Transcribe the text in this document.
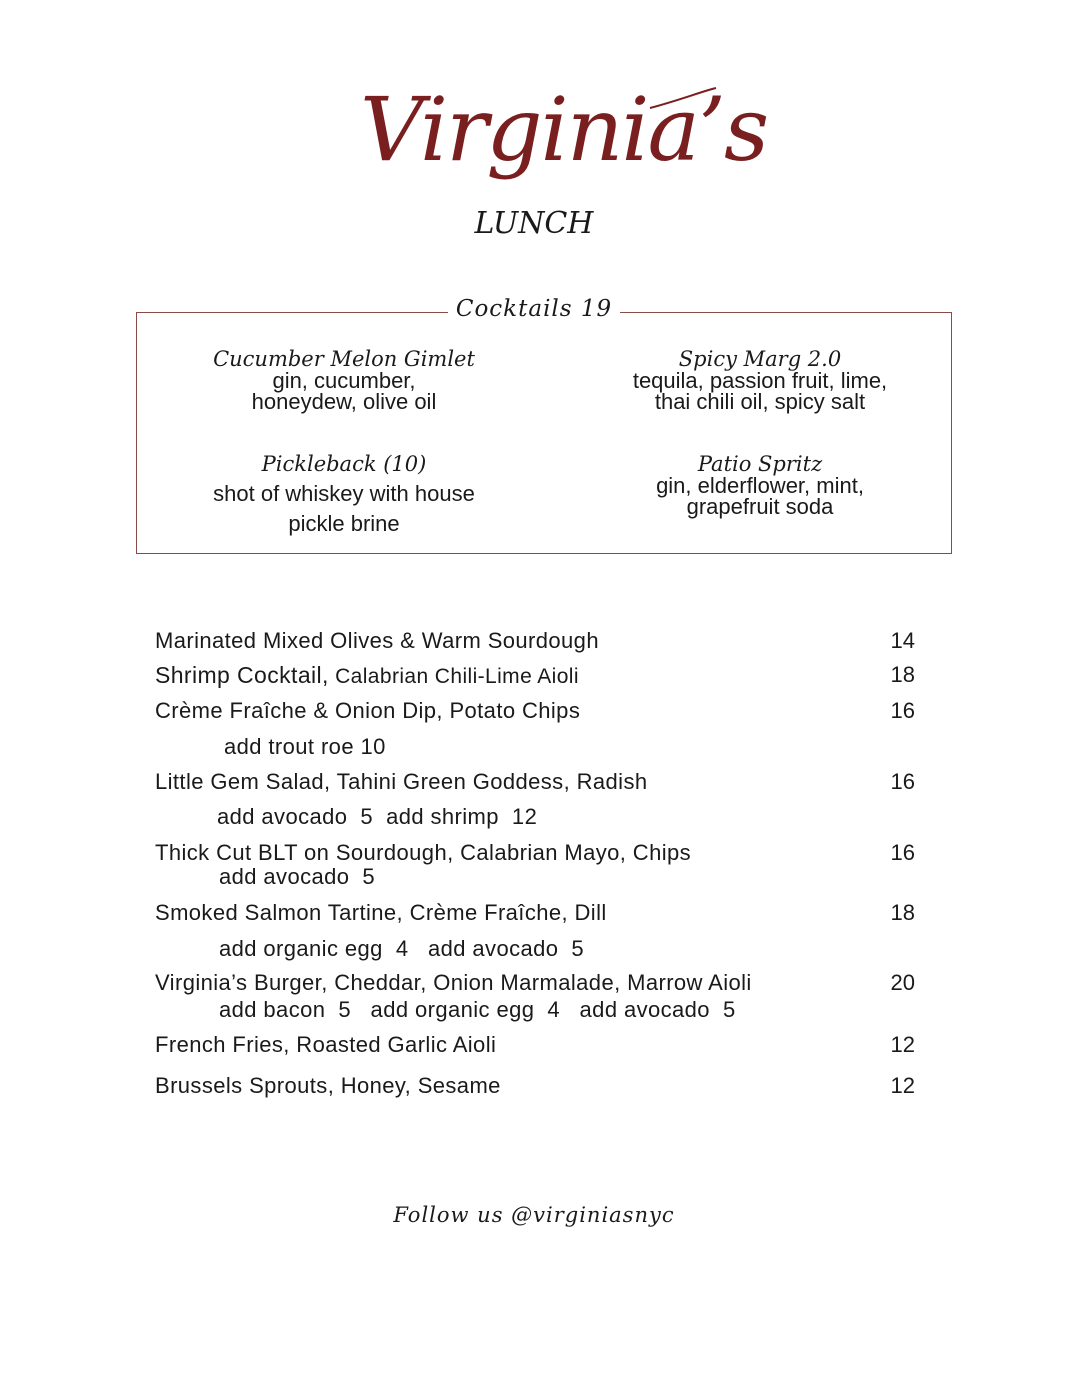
Virginia’s
LUNCH
Cocktails 19
Cucumber Melon Gimlet
gin, cucumber,
honeydew, olive oil
Spicy Marg 2.0
tequila, passion fruit, lime,
thai chili oil, spicy salt
Pickleback (10)
shot of whiskey with house
pickle brine
Patio Spritz
gin, elderflower, mint,
grapefruit soda
Marinated Mixed Olives & Warm Sourdough	14
Shrimp Cocktail, Calabrian Chili-Lime Aioli	18
Crème Fraîche & Onion Dip, Potato Chips	16
add trout roe 10
Little Gem Salad, Tahini Green Goddess, Radish	16
add avocado  5  add shrimp  12
Thick Cut BLT on Sourdough, Calabrian Mayo, Chips	16
add avocado  5
Smoked Salmon Tartine, Crème Fraîche, Dill	18
add organic egg  4   add avocado  5
Virginia’s Burger, Cheddar, Onion Marmalade, Marrow Aioli	20
add bacon  5   add organic egg  4   add avocado  5
French Fries, Roasted Garlic Aioli	12
Brussels Sprouts, Honey, Sesame	12
Follow us @virginiasnyc
